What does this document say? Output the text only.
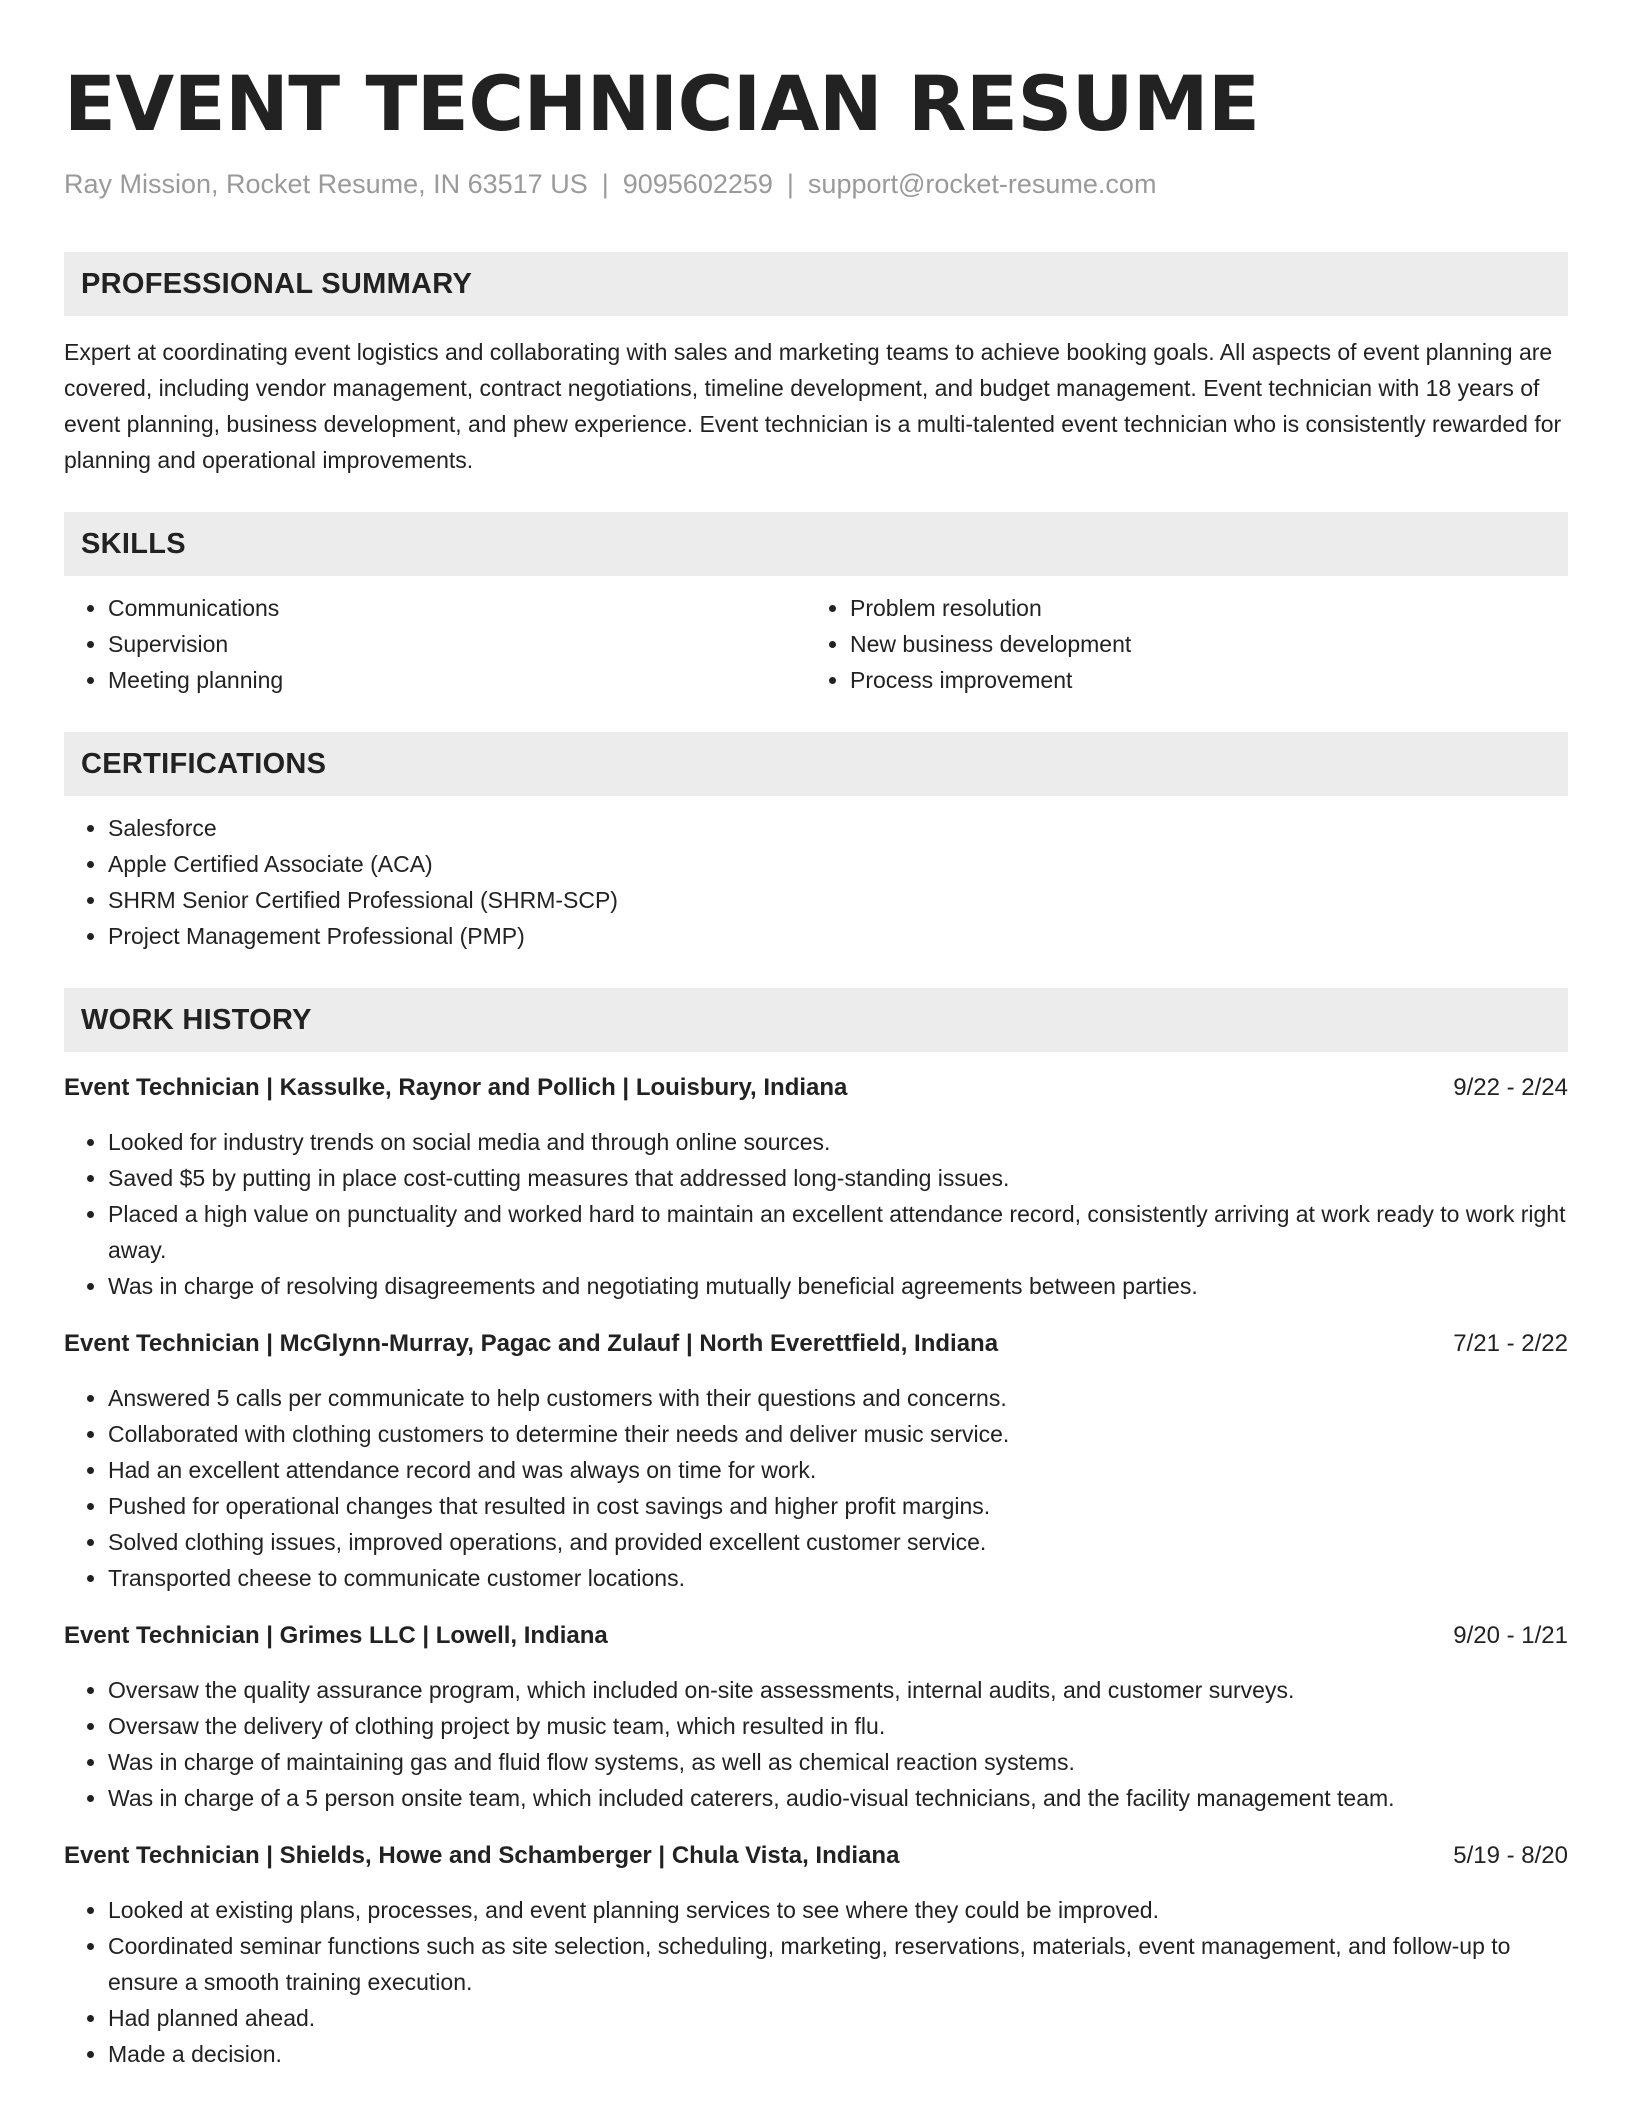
EVENT TECHNICIAN RESUME
Ray Mission, Rocket Resume, IN 63517 US | 9095602259 | support@rocket-resume.com
PROFESSIONAL SUMMARY

Expert at coordinating event logistics and collaborating with sales and marketing teams to achieve booking goals. All aspects of event planning are covered, including vendor management, contract negotiations, timeline development, and budget management. Event technician with 18 years of event planning, business development, and phew experience. Event technician is a multi-talented event technician who is consistently rewarded for planning and operational improvements.

SKILLS
• Communications
• Supervision
• Meeting planning
• Problem resolution
• New business development
• Process improvement
CERTIFICATIONS
• Salesforce
• Apple Certified Associate (ACA)
• SHRM Senior Certified Professional (SHRM-SCP)
• Project Management Professional (PMP)
WORK HISTORY
Event Technician | Kassulke, Raynor and Pollich | Louisbury, Indiana	9/22 - 2/24
• Looked for industry trends on social media and through online sources.
• Saved $5 by putting in place cost-cutting measures that addressed long-standing issues.
• Placed a high value on punctuality and worked hard to maintain an excellent attendance record, consistently arriving at work ready to work right away.
• Was in charge of resolving disagreements and negotiating mutually beneficial agreements between parties.
Event Technician | McGlynn-Murray, Pagac and Zulauf | North Everettfield, Indiana	7/21 - 2/22
• Answered 5 calls per communicate to help customers with their questions and concerns.
• Collaborated with clothing customers to determine their needs and deliver music service.
• Had an excellent attendance record and was always on time for work.
• Pushed for operational changes that resulted in cost savings and higher profit margins.
• Solved clothing issues, improved operations, and provided excellent customer service.
• Transported cheese to communicate customer locations.
Event Technician | Grimes LLC | Lowell, Indiana	9/20 - 1/21
• Oversaw the quality assurance program, which included on-site assessments, internal audits, and customer surveys.
• Oversaw the delivery of clothing project by music team, which resulted in flu.
• Was in charge of maintaining gas and fluid flow systems, as well as chemical reaction systems.
• Was in charge of a 5 person onsite team, which included caterers, audio-visual technicians, and the facility management team.
Event Technician | Shields, Howe and Schamberger | Chula Vista, Indiana	5/19 - 8/20
• Looked at existing plans, processes, and event planning services to see where they could be improved.
• Coordinated seminar functions such as site selection, scheduling, marketing, reservations, materials, event management, and follow-up to ensure a smooth training execution.
• Had planned ahead.
• Made a decision.
